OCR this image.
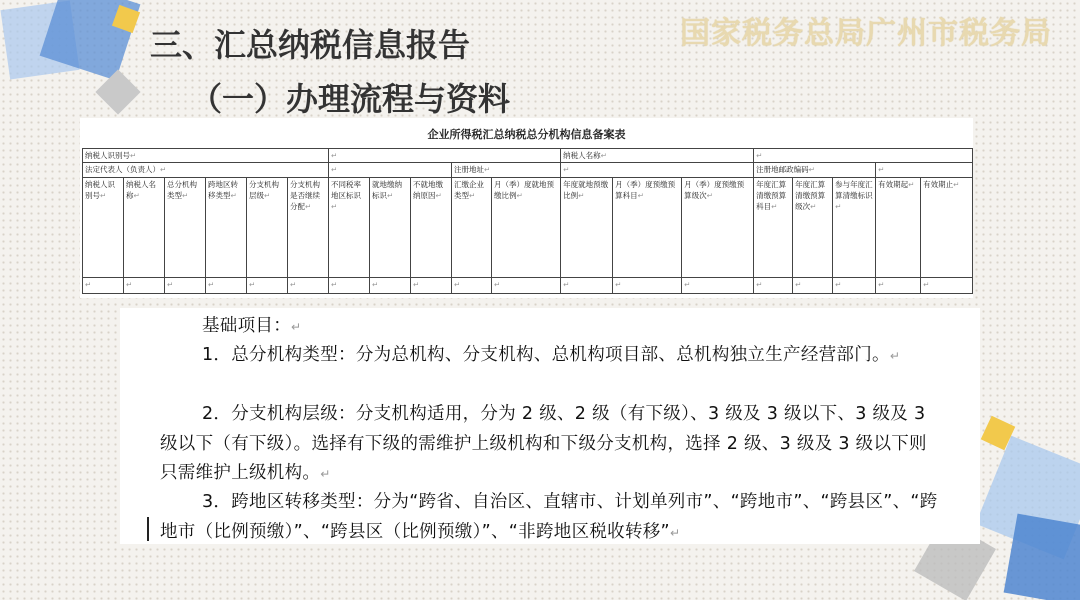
国家税务总局广州市税务局
三、汇总纳税信息报告
（一）办理流程与资料
企业所得税汇总纳税总分机构信息备案表
纳税人识别号↵						↵					纳税人名称↵			↵				
法定代表人（负责人）↵						↵			注册地址↵		↵			注册地邮政编码↵			↵	
纳税人识别号↵	纳税人名称↵	总分机构类型↵	跨地区转移类型↵	分支机构层级↵	分支机构是否继续分配↵	不同税率地区标识↵	就地缴纳标识↵	不就地缴纳原因↵	汇缴企业类型↵	月（季）度就地预缴比例↵	年度就地预缴比例↵	月（季）度预缴预算科目↵	月（季）度预缴预算级次↵	年度汇算清缴预算科目↵	年度汇算清缴预算级次↵	参与年度汇算清缴标识↵	有效期起↵	有效期止↵
↵	↵	↵	↵	↵	↵	↵	↵	↵	↵	↵	↵	↵	↵	↵	↵	↵	↵	↵

基础项目：↵

1．总分机构类型：分为总机构、分支机构、总机构项目部、总机构独立生产经营部门。↵

2．分支机构层级：分支机构适用，分为 2 级、2 级（有下级）、3 级及 3 级以下、3 级及 3 级以下（有下级）。选择有下级的需维护上级机构和下级分支机构，选择 2 级、3 级及 3 级以下则只需维护上级机构。↵

3．跨地区转移类型：分为“跨省、自治区、直辖市、计划单列市”、“跨地市”、“跨县区”、“跨地市（比例预缴）”、“跨县区（比例预缴）”、“非跨地区税收转移”↵
